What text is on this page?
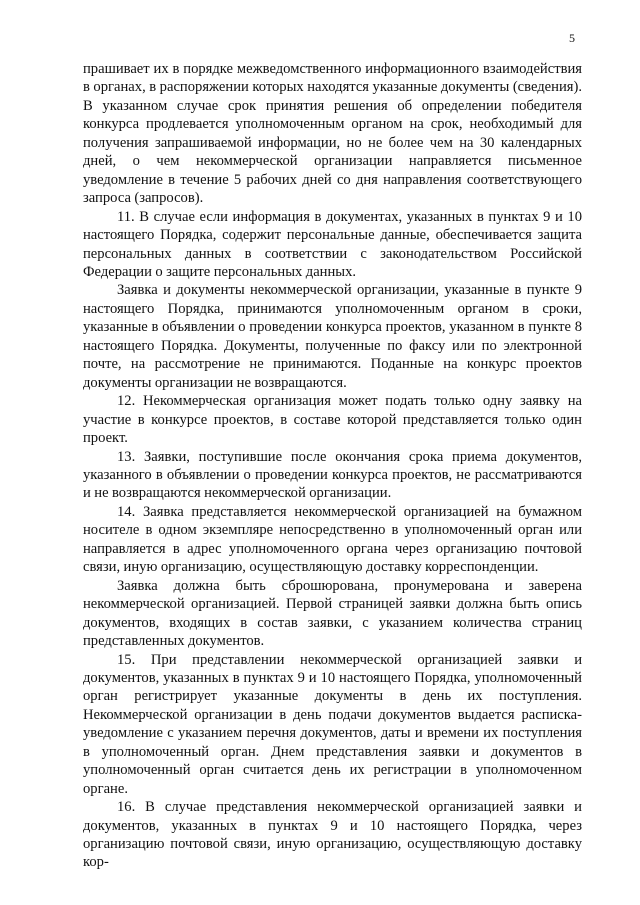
5

прашивает их в порядке межведомственного информационного взаимодействия в органах, в распоряжении которых находятся указанные документы (сведения). В указанном случае срок принятия решения об определении победителя конкурса продлевается уполномоченным органом на срок, необходимый для получения запрашиваемой информации, но не более чем на 30 календарных дней, о чем некоммерческой организации направляется письменное уведомление в течение 5 рабочих дней со дня направления соответствующего запроса (запросов).

11. В случае если информация в документах, указанных в пунктах 9 и 10 настоящего Порядка, содержит персональные данные, обеспечивается защита персональных данных в соответствии с законодательством Российской Федерации о защите персональных данных.

Заявка и документы некоммерческой организации, указанные в пункте 9 настоящего Порядка, принимаются уполномоченным органом в сроки, указанные в объявлении о проведении конкурса проектов, указанном в пункте 8 настоящего Порядка. Документы, полученные по факсу или по электронной почте, на рассмотрение не принимаются. Поданные на конкурс проектов документы организации не возвращаются.

12. Некоммерческая организация может подать только одну заявку на участие в конкурсе проектов, в составе которой представляется только один проект.

13. Заявки, поступившие после окончания срока приема документов, указанного в объявлении о проведении конкурса проектов, не рассматриваются и не возвращаются некоммерческой организации.

14. Заявка представляется некоммерческой организацией на бумажном носителе в одном экземпляре непосредственно в уполномоченный орган или направляется в адрес уполномоченного органа через организацию почтовой связи, иную организацию, осуществляющую доставку корреспонденции.

Заявка должна быть сброшюрована, пронумерована и заверена некоммерческой организацией. Первой страницей заявки должна быть опись документов, входящих в состав заявки, с указанием количества страниц представленных документов.

15. При представлении некоммерческой организацией заявки и документов, указанных в пунктах 9 и 10 настоящего Порядка, уполномоченный орган регистрирует указанные документы в день их поступления. Некоммерческой организации в день подачи документов выдается расписка-уведомление с указанием перечня документов, даты и времени их поступления в уполномоченный орган. Днем представления заявки и документов в уполномоченный орган считается день их регистрации в уполномоченном органе.

16. В случае представления некоммерческой организацией заявки и документов, указанных в пунктах 9 и 10 настоящего Порядка, через организацию почтовой связи, иную организацию, осуществляющую доставку кор-
